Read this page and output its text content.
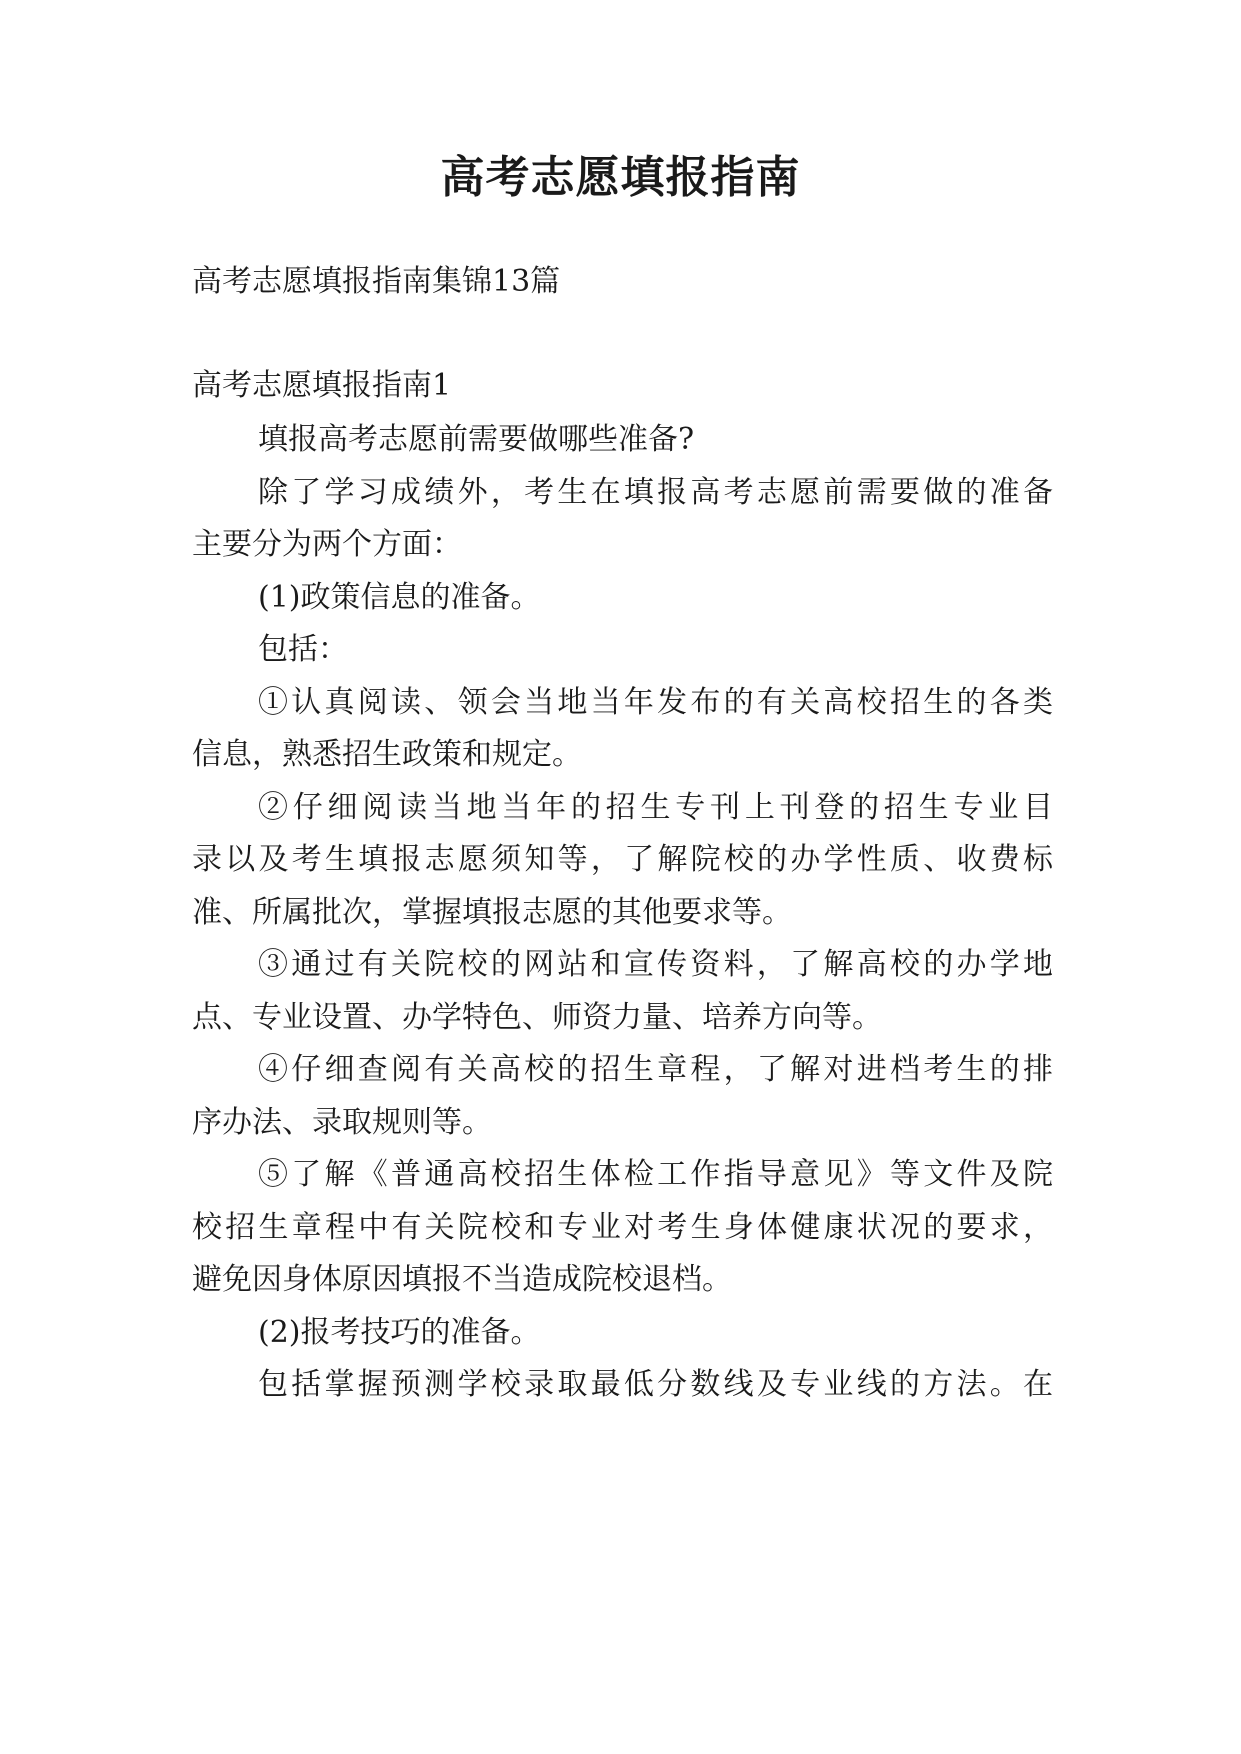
高考志愿填报指南
高考志愿填报指南集锦13篇
高考志愿填报指南1
填报高考志愿前需要做哪些准备?
除了学习成绩外，考生在填报高考志愿前需要做的准备
主要分为两个方面：
(1)政策信息的准备。
包括：
①认真阅读、领会当地当年发布的有关高校招生的各类
信息，熟悉招生政策和规定。
②仔细阅读当地当年的招生专刊上刊登的招生专业目
录以及考生填报志愿须知等，了解院校的办学性质、收费标
准、所属批次，掌握填报志愿的其他要求等。
③通过有关院校的网站和宣传资料，了解高校的办学地
点、专业设置、办学特色、师资力量、培养方向等。
④仔细查阅有关高校的招生章程，了解对进档考生的排
序办法、录取规则等。
⑤了解《普通高校招生体检工作指导意见》等文件及院
校招生章程中有关院校和专业对考生身体健康状况的要求，
避免因身体原因填报不当造成院校退档。
(2)报考技巧的准备。
包括掌握预测学校录取最低分数线及专业线的方法。在
